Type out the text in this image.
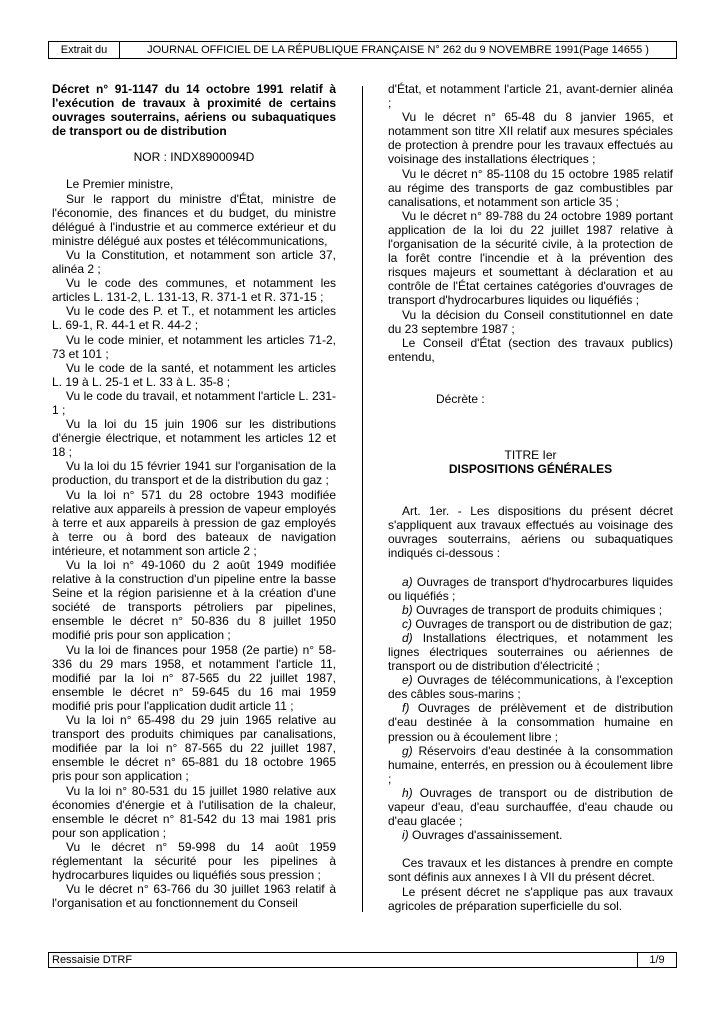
Extrait du	JOURNAL OFFICIEL DE LA RÉPUBLIQUE FRANÇAISE N° 262 du 9 NOVEMBRE 1991(Page 14655 )

Décret n° 91-1147 du 14 octobre 1991 relatif à l'exécution de travaux à proximité de certains ouvrages souterrains, aériens ou subaquatiques de transport ou de distribution

NOR : INDX8900094D

Le Premier ministre,

Sur le rapport du ministre d'État, ministre de l'économie, des finances et du budget, du ministre délégué à l'industrie et au commerce extérieur et du ministre délégué aux postes et télécommunications,

Vu la Constitution, et notamment son article 37, alinéa 2 ;

Vu le code des communes, et notamment les articles L. 131-2, L. 131-13, R. 371-1 et R. 371-15 ;

Vu le code des P. et T., et notamment les articles L. 69-1, R. 44-1 et R. 44-2 ;

Vu le code minier, et notamment les articles 71-2, 73 et 101 ;

Vu le code de la santé, et notamment les articles L. 19 à L. 25-1 et L. 33 à L. 35-8 ;

Vu le code du travail, et notamment l'article L. 231-1 ;

Vu la loi du 15 juin 1906 sur les distributions d'énergie électrique, et notamment les articles 12 et 18 ;

Vu la loi du 15 février 1941 sur l'organisation de la production, du transport et de la distribution du gaz ;

Vu la loi n° 571 du 28 octobre 1943 modifiée relative aux appareils à pression de vapeur employés à terre et aux appareils à pression de gaz employés à terre ou à bord des bateaux de navigation intérieure, et notamment son article 2 ;

Vu la loi n° 49-1060 du 2 août 1949 modifiée relative à la construction d'un pipeline entre la basse Seine et la région parisienne et à la création d'une société de transports pétroliers par pipelines, ensemble le décret n° 50-836 du 8 juillet 1950 modifié pris pour son application ;

Vu la loi de finances pour 1958 (2e partie) n° 58-336 du 29 mars 1958, et notamment l'article 11, modifié par la loi n° 87-565 du 22 juillet 1987, ensemble le décret n° 59-645 du 16 mai 1959 modifié pris pour l'application dudit article 11 ;

Vu la loi n° 65-498 du 29 juin 1965 relative au transport des produits chimiques par canalisations, modifiée par la loi n° 87-565 du 22 juillet 1987, ensemble le décret n° 65-881 du 18 octobre 1965 pris pour son application ;

Vu la loi n° 80-531 du 15 juillet 1980 relative aux économies d'énergie et à l'utilisation de la chaleur, ensemble le décret n° 81-542 du 13 mai 1981 pris pour son application ;

Vu le décret n° 59-998 du 14 août 1959 réglementant la sécurité pour les pipelines à hydrocarbures liquides ou liquéfiés sous pression ;

Vu le décret n° 63-766 du 30 juillet 1963 relatif à l'organisation et au fonctionnement du Conseil

d'État, et notamment l'article 21, avant-dernier alinéa ;

Vu le décret n° 65-48 du 8 janvier 1965, et notamment son titre XII relatif aux mesures spéciales de protection à prendre pour les travaux effectués au voisinage des installations électriques ;

Vu le décret n° 85-1108 du 15 octobre 1985 relatif au régime des transports de gaz combustibles par canalisations, et notamment son article 35 ;

Vu le décret n° 89-788 du 24 octobre 1989 portant application de la loi du 22 juillet 1987 relative à l'organisation de la sécurité civile, à la protection de la forêt contre l'incendie et à la prévention des risques majeurs et soumettant à déclaration et au contrôle de l'État certaines catégories d'ouvrages de transport d'hydrocarbures liquides ou liquéfiés ;

Vu la décision du Conseil constitutionnel en date du 23 septembre 1987 ;

Le Conseil d'État (section des travaux publics) entendu,

Décrète :

TITRE Ier

DISPOSITIONS GÉNÉRALES

Art. 1er. - Les dispositions du présent décret s'appliquent aux travaux effectués au voisinage des ouvrages souterrains, aériens ou subaquatiques indiqués ci-dessous :

a) Ouvrages de transport d'hydrocarbures liquides ou liquéfiés ;

b) Ouvrages de transport de produits chimiques ;

c) Ouvrages de transport ou de distribution de gaz;

d) Installations électriques, et notamment les lignes électriques souterraines ou aériennes de transport ou de distribution d'électricité ;

e) Ouvrages de télécommunications, à l'exception des câbles sous-marins ;

f) Ouvrages de prélèvement et de distribution d'eau destinée à la consommation humaine en pression ou à écoulement libre ;

g) Réservoirs d'eau destinée à la consommation humaine, enterrés, en pression ou à écoulement libre ;

h) Ouvrages de transport ou de distribution de vapeur d'eau, d'eau surchauffée, d'eau chaude ou d'eau glacée ;

i) Ouvrages d'assainissement.

Ces travaux et les distances à prendre en compte sont définis aux annexes I à VII du présent décret.

Le présent décret ne s'applique pas aux travaux agricoles de préparation superficielle du sol.

Ressaisie DTRF	1/9
